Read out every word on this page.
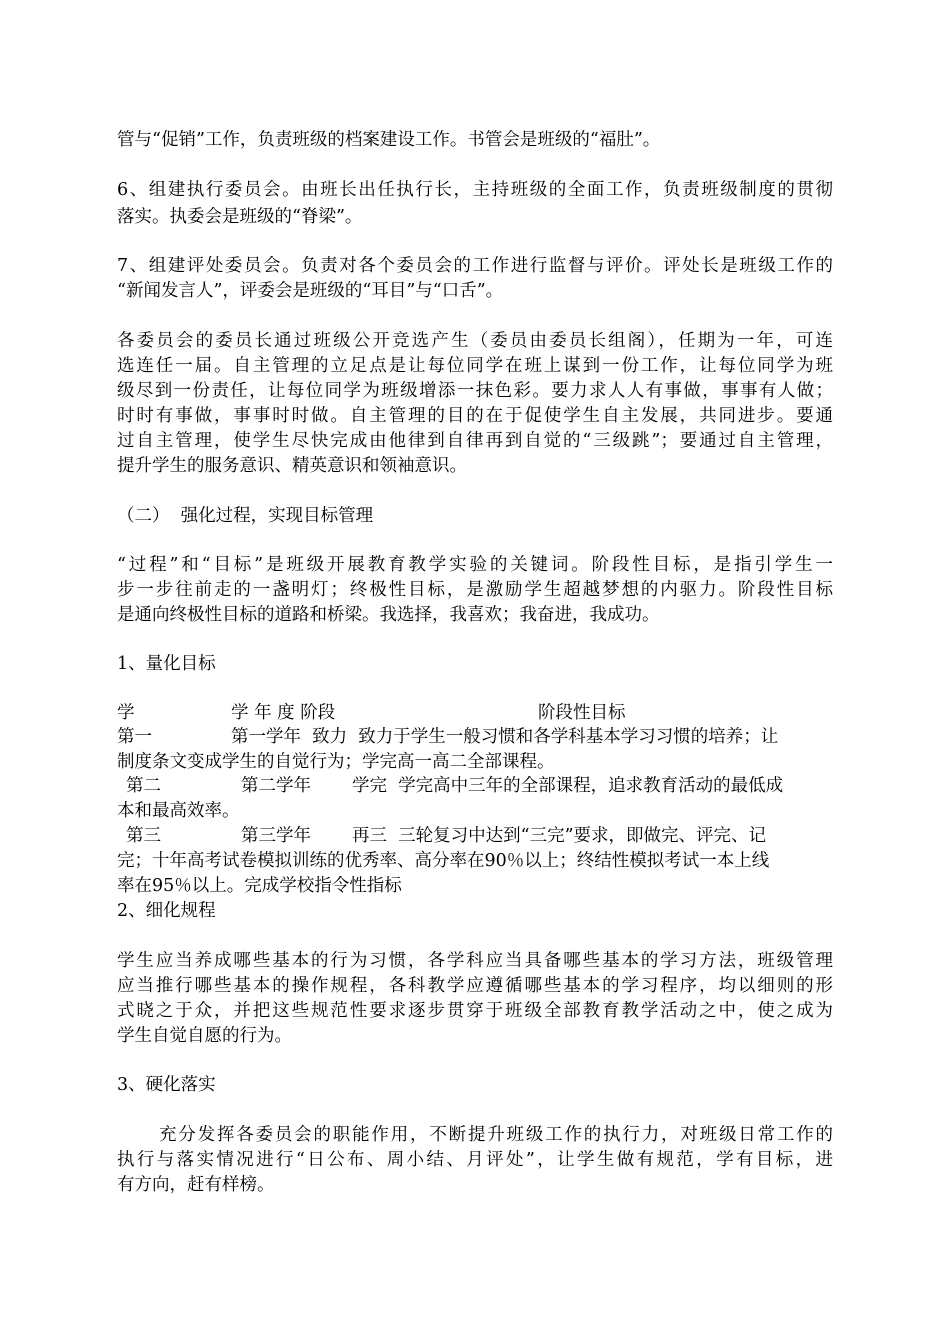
管与“促销”工作，负责班级的档案建设工作。书管会是班级的“福肚”。

6、组建执行委员会。由班长出任执行长，主持班级的全面工作，负责班级制度的贯彻

落实。执委会是班级的“脊梁”。

7、组建评处委员会。负责对各个委员会的工作进行监督与评价。评处长是班级工作的

“新闻发言人”，评委会是班级的“耳目”与“口舌”。

各委员会的委员长通过班级公开竞选产生（委员由委员长组阁），任期为一年，可连

选连任一届。自主管理的立足点是让每位同学在班上谋到一份工作，让每位同学为班

级尽到一份责任，让每位同学为班级增添一抹色彩。要力求人人有事做，事事有人做；

时时有事做，事事时时做。自主管理的目的在于促使学生自主发展，共同进步。要通

过自主管理，使学生尽快完成由他律到自律再到自觉的“三级跳”；要通过自主管理，

提升学生的服务意识、精英意识和领袖意识。

（二）  强化过程，实现目标管理

“过程”和“目标”是班级开展教育教学实验的关键词。阶段性目标，是指引学生一

步一步往前走的一盏明灯；终极性目标，是激励学生超越梦想的内驱力。阶段性目标

是通向终极性目标的道路和桥梁。我选择，我喜欢；我奋进，我成功。

1、量化目标

学	学 年 度 阶段	阶段性目标
第一	第一学年  致力  致力于学生一般习惯和各学科基本学习习惯的培养；让

制度条文变成学生的自觉行为；学完高一高二全部课程。

第二	第二学年 学完  学完高中三年的全部课程，追求教育活动的最低成

本和最高效率。

第三	第三学年 再三  三轮复习中达到“三完”要求，即做完、评完、记

完；十年高考试卷模拟训练的优秀率、高分率在90％以上；终结性模拟考试一本上线

率在95％以上。完成学校指令性指标

2、细化规程

学生应当养成哪些基本的行为习惯，各学科应当具备哪些基本的学习方法，班级管理

应当推行哪些基本的操作规程，各科教学应遵循哪些基本的学习程序，均以细则的形

式晓之于众，并把这些规范性要求逐步贯穿于班级全部教育教学活动之中，使之成为

学生自觉自愿的行为。

3、硬化落实

充分发挥各委员会的职能作用，不断提升班级工作的执行力，对班级日常工作的

执行与落实情况进行“日公布、周小结、月评处”，让学生做有规范，学有目标，进

有方向，赶有样榜。
